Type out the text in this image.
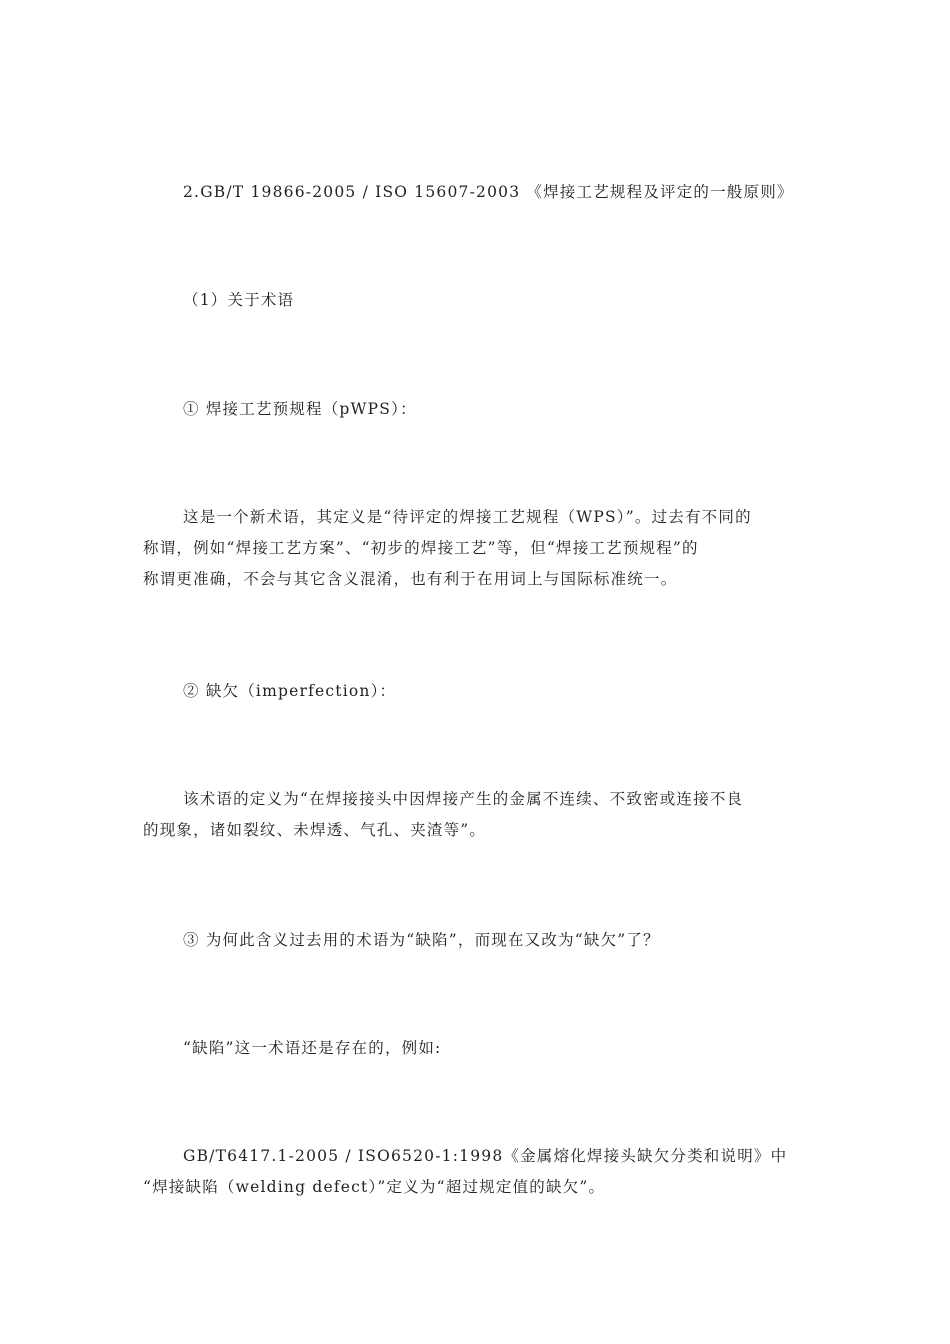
2.GB/T 19866-2005 / ISO 15607-2003 《焊接工艺规程及评定的一般原则》

（1）关于术语

① 焊接工艺预规程（pWPS）：

这是一个新术语，其定义是“待评定的焊接工艺规程（WPS）”。过去有不同的

称谓，例如“焊接工艺方案”、“初步的焊接工艺”等，但“焊接工艺预规程”的

称谓更准确，不会与其它含义混淆，也有利于在用词上与国际标准统一。

② 缺欠（imperfection）：

该术语的定义为“在焊接接头中因焊接产生的金属不连续、不致密或连接不良

的现象，诸如裂纹、未焊透、气孔、夹渣等”。

③ 为何此含义过去用的术语为“缺陷”，而现在又改为“缺欠”了？

“缺陷”这一术语还是存在的，例如:

GB/T6417.1-2005 / ISO6520-1:1998《金属熔化焊接头缺欠分类和说明》中

“焊接缺陷（welding defect）”定义为“超过规定值的缺欠”。
